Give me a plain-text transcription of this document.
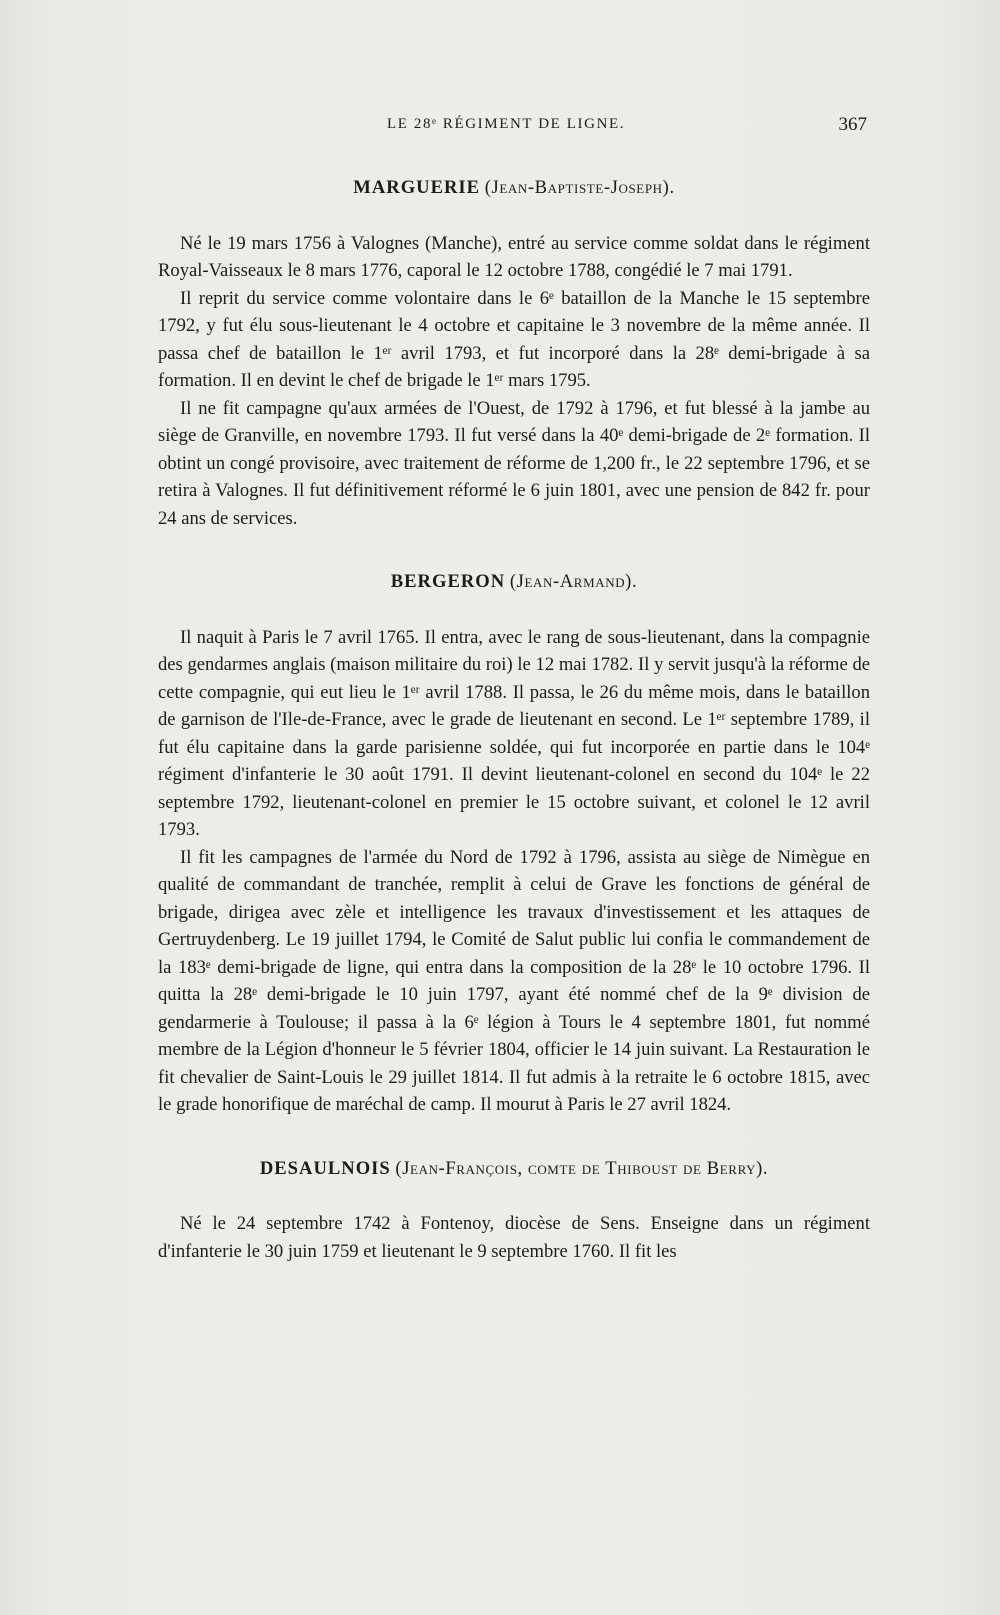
LE 28ᵉ RÉGIMENT DE LIGNE.	367
MARGUERIE (Jean-Baptiste-Joseph).

Né le 19 mars 1756 à Valognes (Manche), entré au service comme soldat dans le régiment Royal-Vaisseaux le 8 mars 1776, caporal le 12 octobre 1788, congédié le 7 mai 1791.

Il reprit du service comme volontaire dans le 6ᵉ bataillon de la Manche le 15 septembre 1792, y fut élu sous-lieutenant le 4 octobre et capitaine le 3 novembre de la même année. Il passa chef de bataillon le 1ᵉʳ avril 1793, et fut incorporé dans la 28ᵉ demi-brigade à sa formation. Il en devint le chef de brigade le 1ᵉʳ mars 1795.

Il ne fit campagne qu'aux armées de l'Ouest, de 1792 à 1796, et fut blessé à la jambe au siège de Granville, en novembre 1793. Il fut versé dans la 40ᵉ demi-brigade de 2ᵉ formation. Il obtint un congé provisoire, avec traitement de réforme de 1,200 fr., le 22 septembre 1796, et se retira à Valognes. Il fut définitivement réformé le 6 juin 1801, avec une pension de 842 fr. pour 24 ans de services.

BERGERON (Jean-Armand).

Il naquit à Paris le 7 avril 1765. Il entra, avec le rang de sous-lieutenant, dans la compagnie des gendarmes anglais (maison militaire du roi) le 12 mai 1782. Il y servit jusqu'à la réforme de cette compagnie, qui eut lieu le 1ᵉʳ avril 1788. Il passa, le 26 du même mois, dans le bataillon de garnison de l'Ile-de-France, avec le grade de lieutenant en second. Le 1ᵉʳ septembre 1789, il fut élu capitaine dans la garde parisienne soldée, qui fut incorporée en partie dans le 104ᵉ régiment d'infanterie le 30 août 1791. Il devint lieutenant-colonel en second du 104ᵉ le 22 septembre 1792, lieutenant-colonel en premier le 15 octobre suivant, et colonel le 12 avril 1793.

Il fit les campagnes de l'armée du Nord de 1792 à 1796, assista au siège de Nimègue en qualité de commandant de tranchée, remplit à celui de Grave les fonctions de général de brigade, dirigea avec zèle et intelligence les travaux d'investissement et les attaques de Gertruydenberg. Le 19 juillet 1794, le Comité de Salut public lui confia le commandement de la 183ᵉ demi-brigade de ligne, qui entra dans la composition de la 28ᵉ le 10 octobre 1796. Il quitta la 28ᵉ demi-brigade le 10 juin 1797, ayant été nommé chef de la 9ᵉ division de gendarmerie à Toulouse; il passa à la 6ᵉ légion à Tours le 4 septembre 1801, fut nommé membre de la Légion d'honneur le 5 février 1804, officier le 14 juin suivant. La Restauration le fit chevalier de Saint-Louis le 29 juillet 1814. Il fut admis à la retraite le 6 octobre 1815, avec le grade honorifique de maréchal de camp. Il mourut à Paris le 27 avril 1824.

DESAULNOIS (Jean-François, comte de Thiboust de Berry).

Né le 24 septembre 1742 à Fontenoy, diocèse de Sens. Enseigne dans un régiment d'infanterie le 30 juin 1759 et lieutenant le 9 septembre 1760. Il fit les
